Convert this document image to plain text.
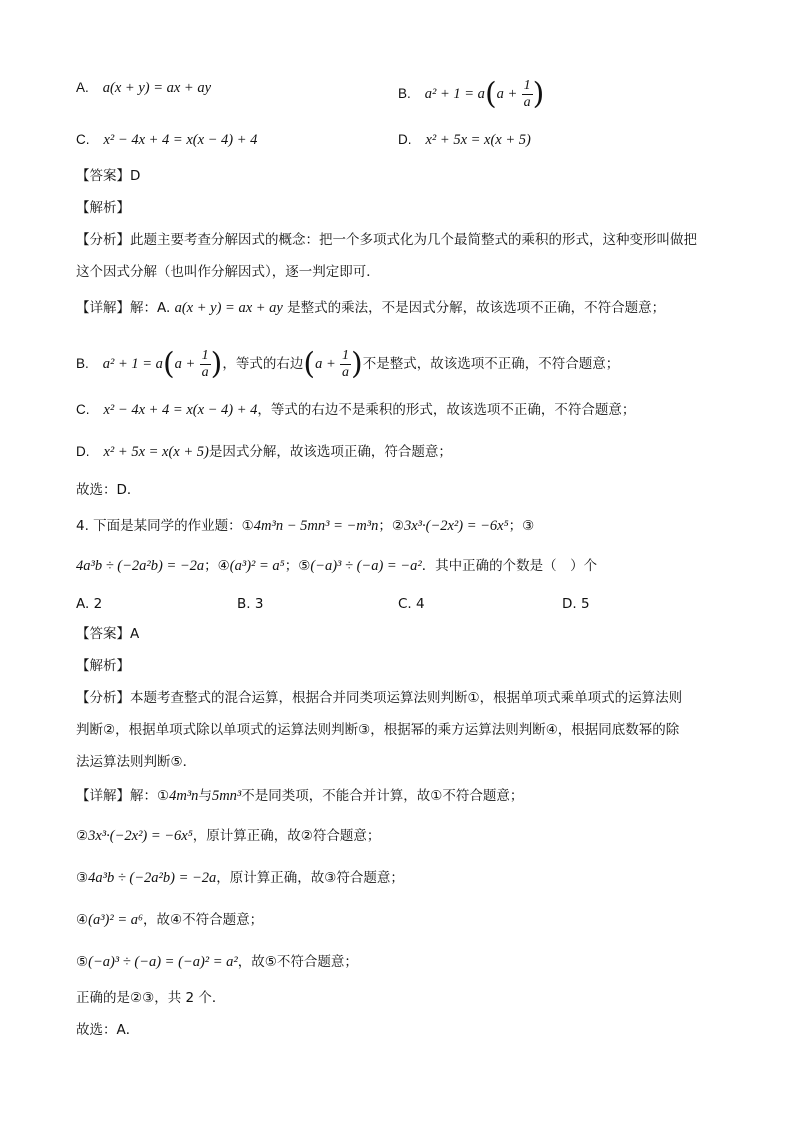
A. a(x + y) = ax + ay	B. $a^2 + 1 = a(a + \frac{1}{a}$ )
C. x² − 4x + 4 = x(x − 4) + 4	D. x² + 5x = x(x + 5)
【答案】D
【解析】
【分析】此题主要考查分解因式的概念：把一个多项式化为几个最简整式的乘积的形式，这种变形叫做把
这个因式分解（也叫作分解因式），逐一判定即可．
【详解】解：A. a(x + y) = ax + ay 是整式的乘法，不是因式分解，故该选项不正确，不符合题意；
B. $a^2 + 1 = a(a + \frac{1}{a}$ )，等式的右边($a + \frac{1}{a}$ )不是整式，故该选项不正确，不符合题意；
C. x² − 4x + 4 = x(x − 4) + 4，等式的右边不是乘积的形式，故该选项不正确，不符合题意；
D. x² + 5x = x(x + 5)是因式分解，故该选项正确，符合题意；
故选：D．
4. 下面是某同学的作业题：①4m³n − 5mn³ = −m³n；②3x³·(−2x²) = −6x⁵；③
4a³b ÷ (−2a²b) = −2a；④(a³)² = a⁵；⑤(−a)³ ÷ (−a) = −a²．其中正确的个数是（　）个
A. 2	B. 3	C. 4	D. 5
【答案】A
【解析】
【分析】本题考查整式的混合运算，根据合并同类项运算法则判断①，根据单项式乘单项式的运算法则
判断②，根据单项式除以单项式的运算法则判断③，根据幂的乘方运算法则判断④，根据同底数幂的除
法运算法则判断⑤．
【详解】解：①4m³n与5mn³不是同类项，不能合并计算，故①不符合题意；
②3x³·(−2x²) = −6x⁵，原计算正确，故②符合题意；
③4a³b ÷ (−2a²b) = −2a，原计算正确，故③符合题意；
④(a³)² = a⁶，故④不符合题意；
⑤(−a)³ ÷ (−a) = (−a)² = a²，故⑤不符合题意；
正确的是②③，共 2 个．
故选：A．
